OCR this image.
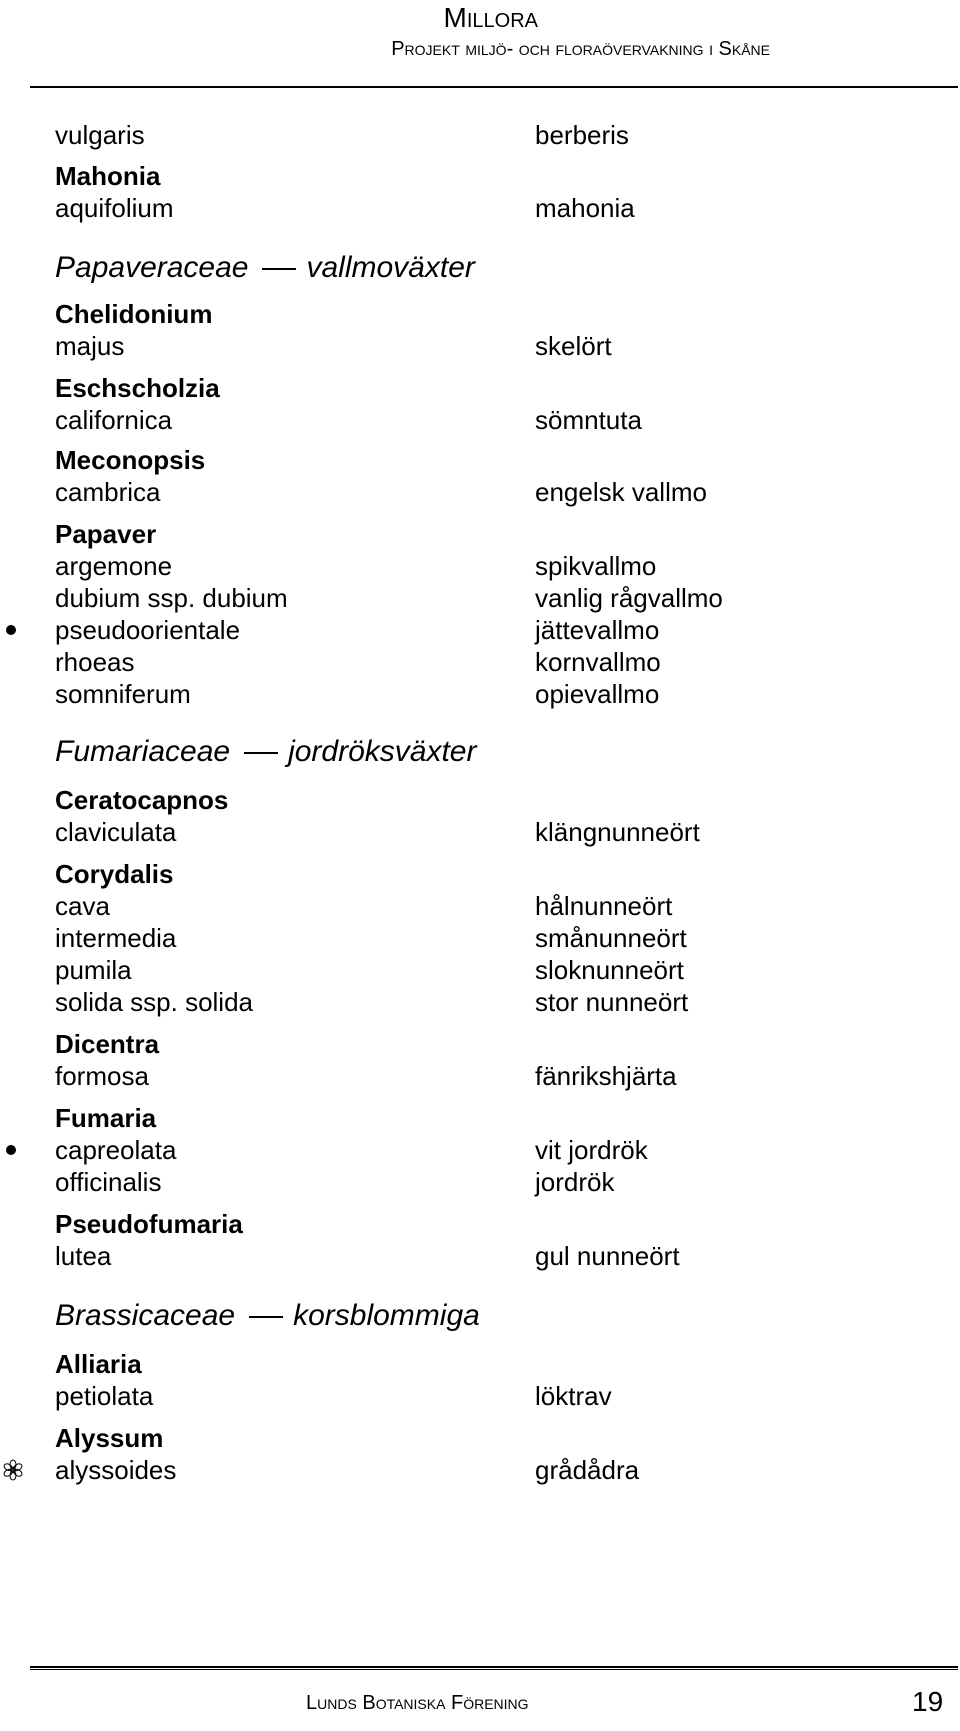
Millora
Projekt miljö- och floraövervakning i Skåne
vulgaris	berberis
Mahonia
aquifolium	mahonia
Papaveraceae vallmoväxter
Chelidonium
majus	skelört
Eschscholzia
californica	sömntuta
Meconopsis
cambrica	engelsk vallmo
Papaver
argemone	spikvallmo
dubium ssp. dubium	vanlig rågvallmo
pseudoorientale	jättevallmo
rhoeas	kornvallmo
somniferum	opievallmo
Fumariaceae jordröksväxter
Ceratocapnos
claviculata	klängnunneört
Corydalis
cava	hålnunneört
intermedia	smånunneört
pumila	sloknunneört
solida ssp. solida	stor nunneört
Dicentra
formosa	fänrikshjärta
Fumaria
capreolata	vit jordrök
officinalis	jordrök
Pseudofumaria
lutea	gul nunneört
Brassicaceae korsblommiga
Alliaria
petiolata	löktrav
Alyssum
alyssoides	grådådra
Lunds Botaniska Förening	19
